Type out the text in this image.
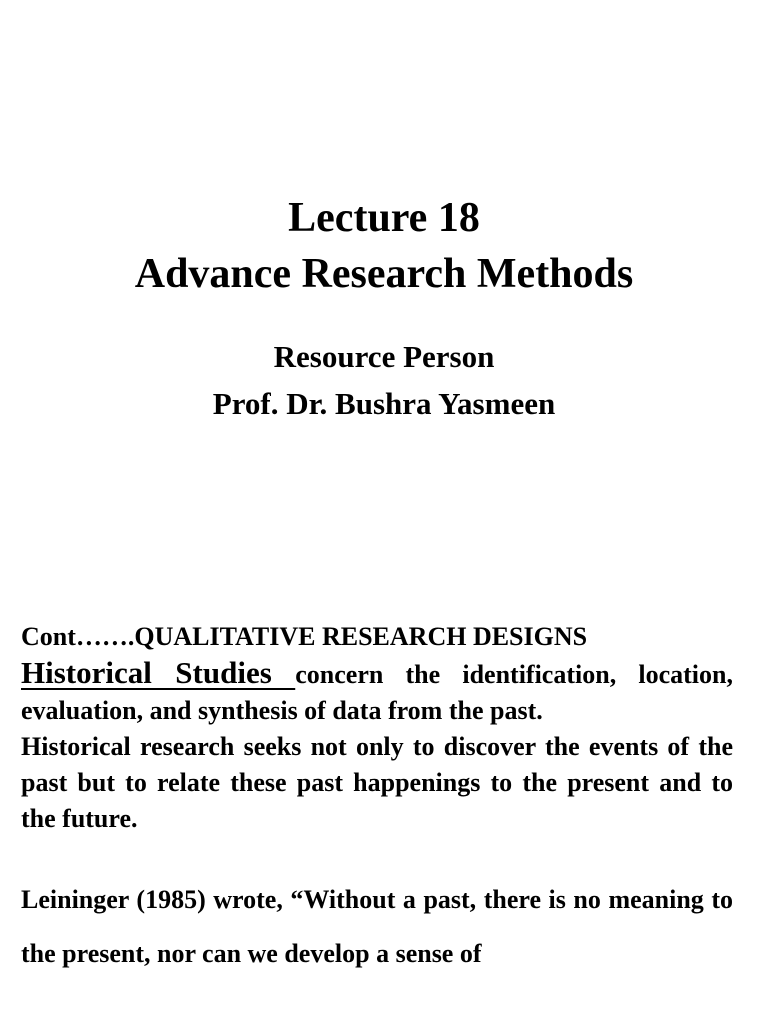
Lecture 18
Advance Research Methods
Resource Person
Prof. Dr. Bushra Yasmeen
Cont…….QUALITATIVE RESEARCH DESIGNS

Historical Studies concern the identification, location, evaluation, and synthesis of data from the past.

Historical research seeks not only to discover the events of the past but to relate these past happenings to the present and to the future.

Leininger (1985) wrote, “Without a past, there is no meaning to the present, nor can we develop a sense of
